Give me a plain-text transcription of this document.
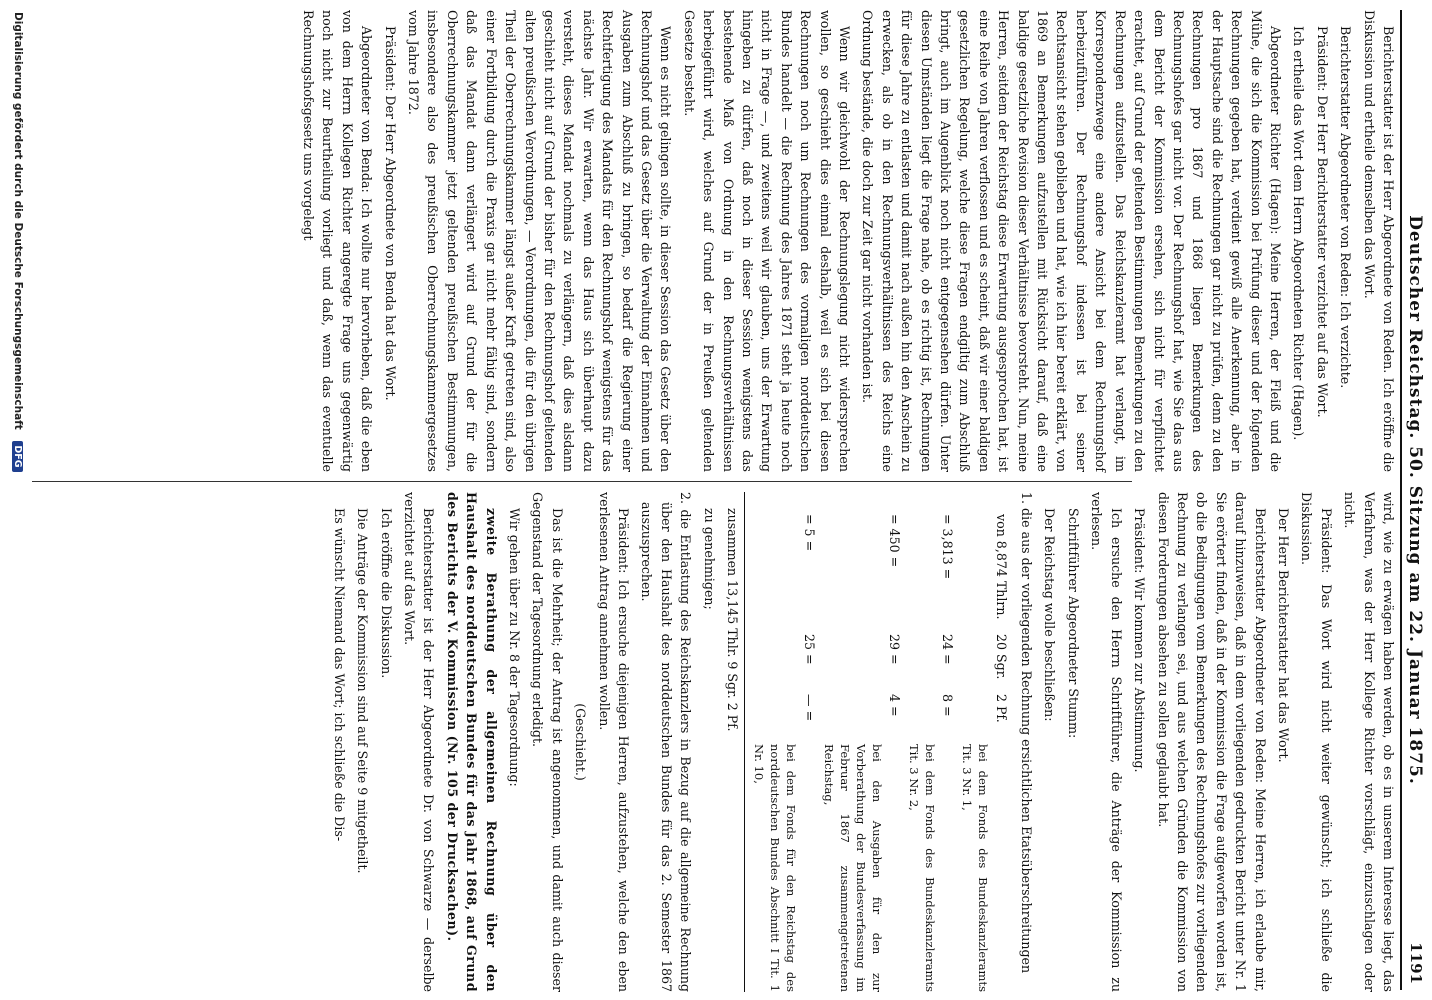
Deutscher Reichstag. 50. Sitzung am 22. Januar 1875.
1191

Berichterstatter ist der Herr Abgeordnete von Reden. Ich eröffne die Diskussion und ertheile demselben das Wort.

Berichterstatter Abgeordneter von Reden: Ich verzichte.

Präsident: Der Herr Berichterstatter verzichtet auf das Wort.

Ich ertheile das Wort dem Herrn Abgeordneten Richter (Hagen).

Abgeordneter Richter (Hagen): Meine Herren, der Fleiß und die Mühe, die sich die Kommission bei Prüfung dieser und der folgenden Rechnungen gegeben hat, verdient gewiß alle Anerkennung, aber in der Hauptsache sind die Rechnungen gar nicht zu prüfen, denn zu den Rechnungen pro 1867 und 1868 liegen Bemerkungen des Rechnungshofes gar nicht vor. Der Rechnungshof hat, wie Sie das aus dem Bericht der Kommission ersehen, sich nicht für verpflichtet erachtet, auf Grund der geltenden Bestimmungen Bemerkungen zu den Rechnungen aufzustellen. Das Reichskanzleramt hat verlangt, im Korrespondenzwege eine andere Ansicht bei dem Rechnungshof herbeizuführen. Der Rechnungshof indessen ist bei seiner Rechtsansicht stehen geblieben und hat, wie ich hier bereit erklärt, von 1869 an Bemerkungen aufzustellen mit Rücksicht darauf, daß eine baldige gesetzliche Revision dieser Verhältnisse bevorsteht. Nun, meine Herren, seitdem der Reichstag diese Erwartung ausgesprochen hat, ist eine Reihe von Jahren verflossen und es scheint, daß wir einer baldigen gesetzlichen Regelung, welche diese Fragen endgiltig zum Abschluß bringt, auch im Augenblick noch nicht entgegensehen dürfen. Unter diesen Umständen liegt die Frage nahe, ob es richtig ist, Rechnungen für diese Jahre zu entlasten und damit nach außen hin den Anschein zu erwecken, als ob in den Rechnungsverhältnissen des Reichs eine Ordnung bestände, die doch zur Zeit gar nicht vorhanden ist.

Wenn wir gleichwohl der Rechnungslegung nicht widersprechen wollen, so geschieht dies einmal deshalb, weil es sich bei diesen Rechnungen noch um Rechnungen des vormaligen norddeutschen Bundes handelt — die Rechnung des Jahres 1871 steht ja heute noch nicht in Frage —, und zweitens weil wir glauben, uns der Erwartung hingeben zu dürfen, daß noch in dieser Session wenigstens das bestehende Maß von Ordnung in den Rechnungsverhältnissen herbeigeführt wird, welches auf Grund der in Preußen geltenden Gesetze besteht.

Wenn es nicht gelingen sollte, in dieser Session das Gesetz über den Rechnungshof und das Gesetz über die Verwaltung der Einnahmen und Ausgaben zum Abschluß zu bringen, so bedarf die Regierung einer Rechtfertigung des Mandats für den Rechnungshof wenigstens für das nächste Jahr. Wir erwarten, wenn das Haus sich überhaupt dazu versteht, dieses Mandat nochmals zu verlängern, daß dies alsdann geschieht nicht auf Grund der bisher für den Rechnungshof geltenden alten preußischen Verordnungen, — Verordnungen, die für den übrigen Theil der Oberrechnungskammer längst außer Kraft getreten sind, also einer Fortbildung durch die Praxis gar nicht mehr fähig sind, sondern daß das Mandat dann verlängert wird auf Grund der für die Oberrechnungskammer jetzt geltenden preußischen Bestimmungen, insbesondere also des preußischen Oberrechnungskammergesetzes vom Jahre 1872.

Präsident: Der Herr Abgeordnete von Benda hat das Wort.

Abgeordneter von Benda: Ich wollte nur hervorheben, daß die eben von dem Herrn Kollegen Richter angeregte Frage uns gegenwärtig noch nicht zur Beurtheilung vorliegt und daß, wenn das eventuelle Rechnungshofsgesetz uns vorgelegt

wird, wie zu erwägen haben werden, ob es in unserem Interesse liegt, das Verfahren, was der Herr Kollege Richter vorschlägt, einzuschlagen oder nicht.

Präsident: Das Wort wird nicht weiter gewünscht; ich schließe die Diskussion.

Der Herr Berichterstatter hat das Wort.

Berichterstatter Abgeordneter von Reden: Meine Herren, ich erlaube mir, darauf hinzuweisen, daß in dem vorliegenden gedruckten Bericht unter Nr. 1 Sie erörtert finden, daß in der Kommission die Frage aufgeworfen worden ist, ob die Bedingungen vom Bemerkungen des Rechnungshofes zur vorliegenden Rechnung zu verlangen sei, und aus welchen Gründen die Kommission von diesen Forderungen absehen zu sollen geglaubt hat.

Präsident: Wir kommen zur Abstimmung.

Ich ersuche den Herrn Schriftführer, die Anträge der Kommission zu verlesen.

Schriftführer Abgeordneter Stumm:

Der Reichstag wolle beschließen:

1. die aus der vorliegenden Rechnung ersichtlichen Etatsüberschreitungen

von 8,874 Thlrn.
20 Sgr.
2 Pf.
bei dem Fonds des Bundeskanzleramts Tit. 3 Nr. 1,
= 3,813 =
24 =
8 =
bei dem Fonds des Bundeskanzleramts Tit. 3 Nr. 2,
= 450 =
29 =
4 =
bei den Ausgaben für den zur Vorberathung der Bundesverfassung im Februar 1867 zusammengetretenen Reichstag,
= 5 =
25 =
— =
bei dem Fonds für den Reichstag des norddeutschen Bundes Abschnitt I Tit. 1 Nr. 10,

zusammen 13,145 Thlr. 9 Sgr. 2 Pf.

zu genehmigen;

2. die Entlastung des Reichskanzlers in Bezug auf die allgemeine Rechnung über den Haushalt des norddeutschen Bundes für das 2. Semester 1867 auszusprechen.

Präsident: Ich ersuche diejenigen Herren, aufzustehen, welche den eben verlesenen Antrag annehmen wollen.

(Geschieht.)

Das ist die Mehrheit; der Antrag ist angenommen, und damit auch dieser Gegenstand der Tagesordnung erledigt.

Wir gehen über zu Nr. 8 der Tagesordnung:

zweite Berathung der allgemeinen Rechnung über den Haushalt des norddeutschen Bundes für das Jahr 1868, auf Grund des Berichts der V. Kommission (Nr. 105 der Drucksachen).

Berichterstatter ist der Herr Abgeordnete Dr. von Schwarze — derselbe verzichtet auf das Wort.

Ich eröffne die Diskussion.

Die Anträge der Kommission sind auf Seite 9 mitgetheilt.

Es wünscht Niemand das Wort; ich schließe die Dis-

Digitalisierung gefördert durch die Deutsche Forschungsgemeinschaft DFG
